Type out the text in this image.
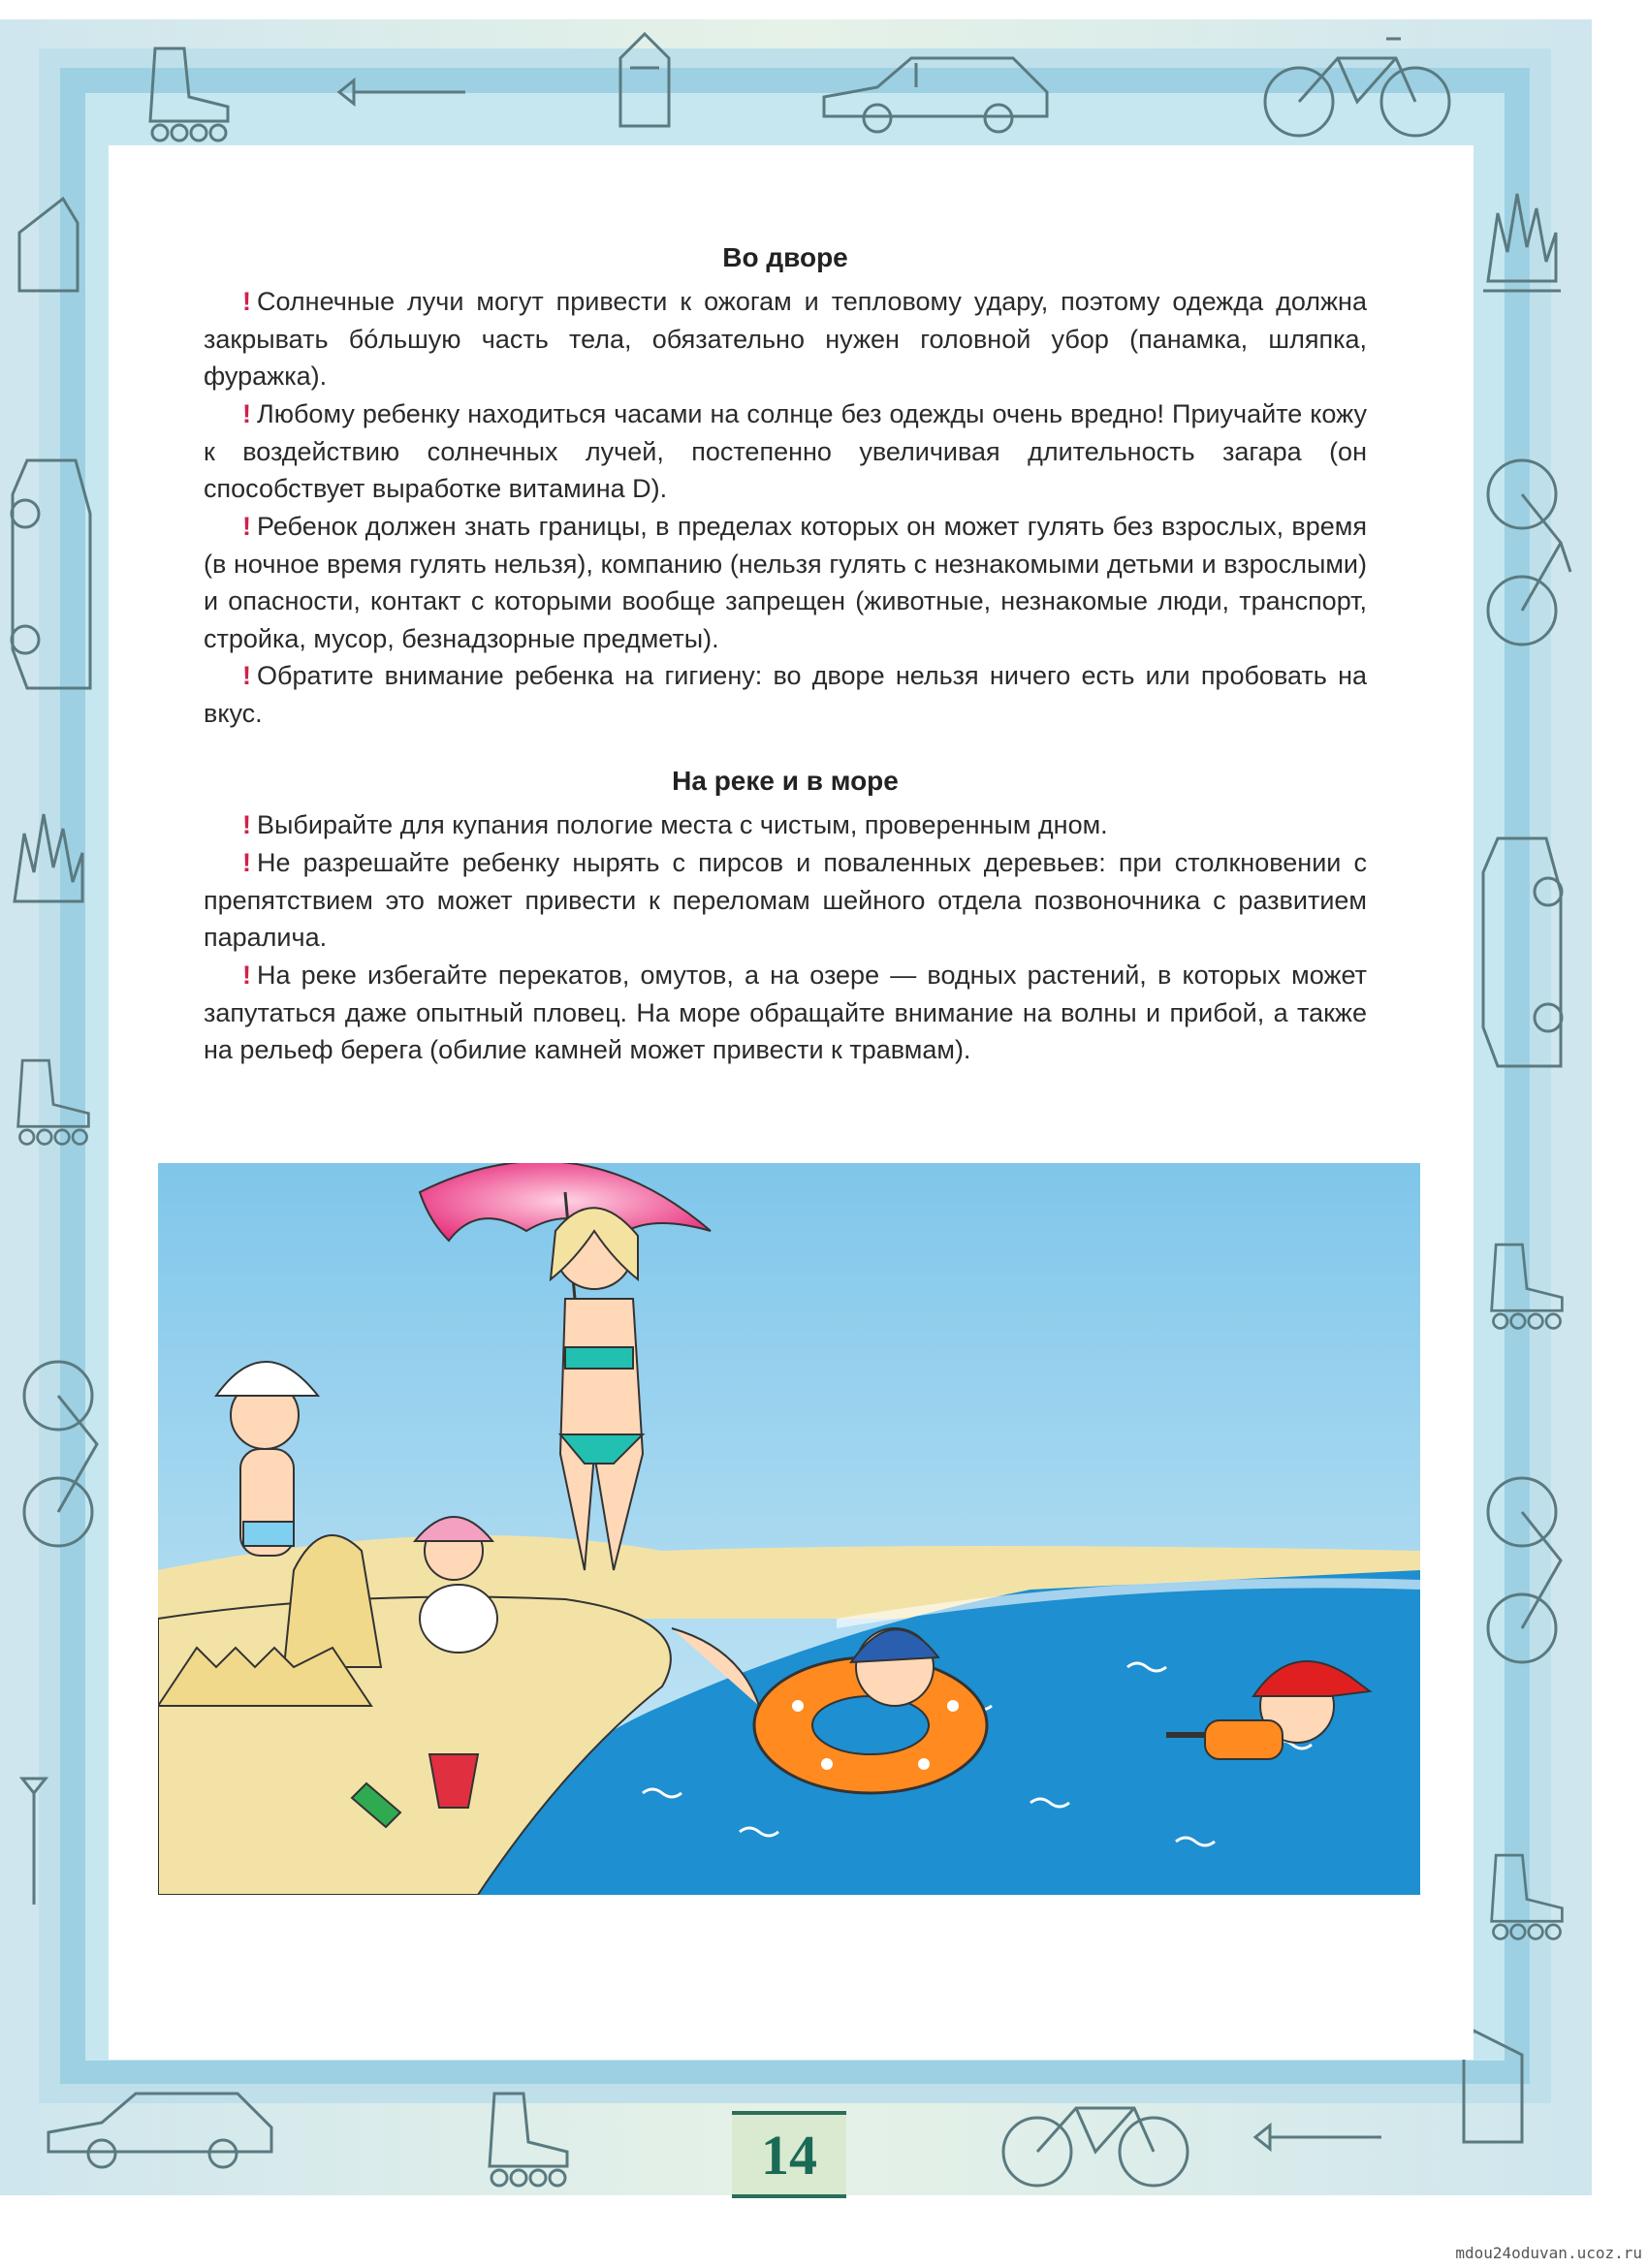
Во дворе

! Солнечные лучи могут привести к ожогам и тепловому удару, поэтому одежда должна закрывать бóльшую часть тела, обязательно нужен головной убор (панамка, шляпка, фуражка).

! Любому ребенку находиться часами на солнце без одежды очень вредно! Приучайте кожу к воздействию солнечных лучей, постепенно увеличивая длительность загара (он способствует выработке витамина D).

! Ребенок должен знать границы, в пределах которых он может гулять без взрослых, время (в ночное время гулять нельзя), компанию (нельзя гулять с незнакомыми детьми и взрослыми) и опасности, контакт с которыми вообще запрещен (животные, незнакомые люди, транспорт, стройка, мусор, безнадзорные предметы).

! Обратите внимание ребенка на гигиену: во дворе нельзя ничего есть или пробовать на вкус.

На реке и в море

! Выбирайте для купания пологие места с чистым, проверенным дном.

! Не разрешайте ребенку нырять с пирсов и поваленных деревьев: при столкновении с препятствием это может привести к переломам шейного отдела позвоночника с развитием паралича.

! На реке избегайте перекатов, омутов, а на озере — водных растений, в которых может запутаться даже опытный пловец. На море обращайте внимание на волны и прибой, а также на рельеф берега (обилие камней может привести к травмам).

14
mdou24oduvan.ucoz.ru
